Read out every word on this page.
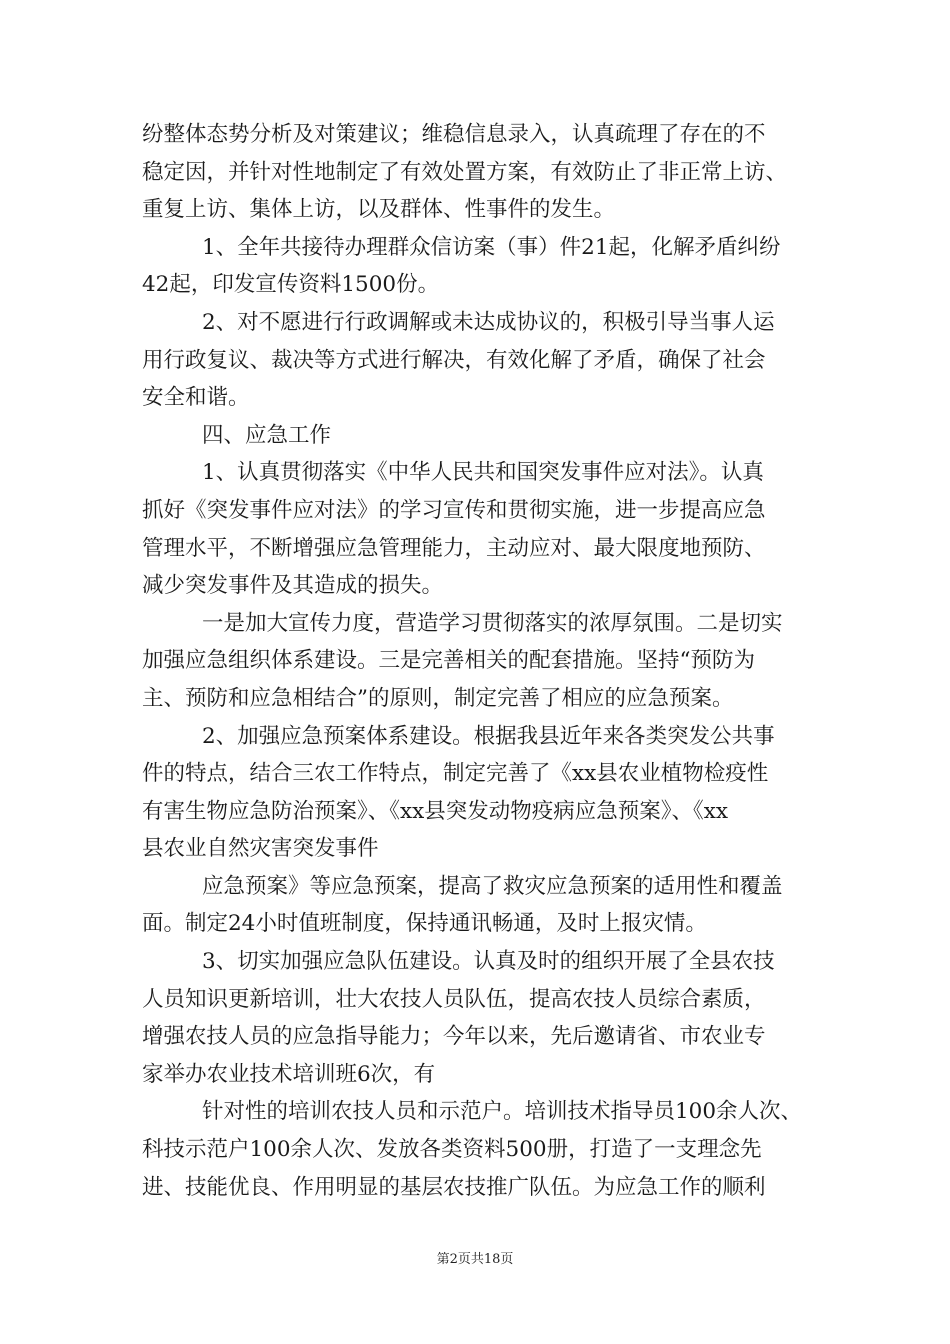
纷整体态势分析及对策建议；维稳信息录入，认真疏理了存在的不
稳定因，并针对性地制定了有效处置方案，有效防止了非正常上访、
重复上访、集体上访，以及群体、性事件的发生。
1、全年共接待办理群众信访案（事）件21起，化解矛盾纠纷
42起，印发宣传资料1500份。
2、对不愿进行行政调解或未达成协议的，积极引导当事人运
用行政复议、裁决等方式进行解决，有效化解了矛盾，确保了社会
安全和谐。
四、应急工作
1、认真贯彻落实《中华人民共和国突发事件应对法》。认真
抓好《突发事件应对法》的学习宣传和贯彻实施，进一步提高应急
管理水平，不断增强应急管理能力，主动应对、最大限度地预防、
减少突发事件及其造成的损失。
一是加大宣传力度，营造学习贯彻落实的浓厚氛围。二是切实
加强应急组织体系建设。三是完善相关的配套措施。坚持“预防为
主、预防和应急相结合”的原则，制定完善了相应的应急预案。
2、加强应急预案体系建设。根据我县近年来各类突发公共事
件的特点，结合三农工作特点，制定完善了《xx县农业植物检疫性
有害生物应急防治预案》、《xx县突发动物疫病应急预案》、《xx
县农业自然灾害突发事件
应急预案》等应急预案，提高了救灾应急预案的适用性和覆盖
面。制定24小时值班制度，保持通讯畅通，及时上报灾情。
3、切实加强应急队伍建设。认真及时的组织开展了全县农技
人员知识更新培训，壮大农技人员队伍，提高农技人员综合素质，
增强农技人员的应急指导能力；今年以来，先后邀请省、市农业专
家举办农业技术培训班6次，有
针对性的培训农技人员和示范户。培训技术指导员100余人次、
科技示范户100余人次、发放各类资料500册，打造了一支理念先
进、技能优良、作用明显的基层农技推广队伍。为应急工作的顺利
第2页共18页
